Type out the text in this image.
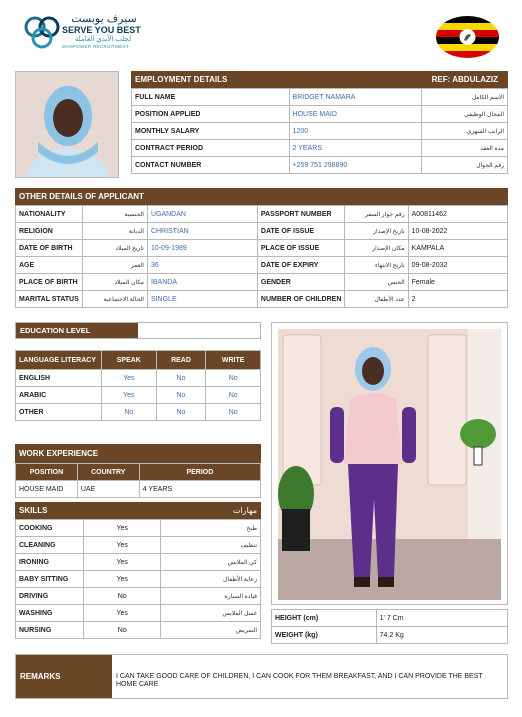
سيرف يوبست
SERVE YOU BEST
لجلب الأيدي العاملة
MANPOWER RECRUITMENT
EMPLOYMENT DETAILS	REF: ABDULAZIZ
FULL NAME	BRIDGET NAMARA	الاسم الكامل
POSITION APPLIED	HOUSE MAID	المجال الوظيفي
MONTHLY SALARY	1200	الراتب الشهري
CONTRACT PERIOD	2 YEARS	مدة العقد
CONTACT NUMBER	+259 751 298890	رقم الجوال
OTHER DETAILS OF APPLICANT
NATIONALITY	الجنسية	UGANDAN	PASSPORT NUMBER	رقم جواز السفر	A00811462
RELIGION	الديانة	CHRISTIAN	DATE OF ISSUE	تاريخ الإصدار	10-08-2022
DATE OF BIRTH	تاريخ الميلاد	10-09-1989	PLACE OF ISSUE	مكان الإصدار	KAMPALA
AGE	العمر	36	DATE OF EXPIRY	تاريخ الانتهاء	09-08-2032
PLACE OF BIRTH	مكان الميلاد	IBANDA	GENDER	الجنس	Female
MARITAL STATUS	الحالة الاجتماعية	SINGLE	NUMBER OF CHILDREN	عدد الأطفال	2
EDUCATION LEVEL
LANGUAGE LITERACY	SPEAK	READ	WRITE
ENGLISH	Yes	No	No
ARABIC	Yes	No	No
OTHER	No	No	No
WORK EXPERIENCE
POSITION	COUNTRY	PERIOD
HOUSE MAID	UAE	4 YEARS
SKILLS	مهارات
COOKING	Yes	طبخ
CLEANING	Yes	تنظيف
IRONING	Yes	كي الملابس
BABY SITTING	Yes	رعاية الأطفال
DRIVING	No	قيادة السيارة
WASHING	Yes	غسل الملابس
NURSING	No	التمريض
HEIGHT (cm)	1' 7 Cm
WEIGHT (kg)	74.2 Kg
REMARKS	I CAN TAKE GOOD CARE OF CHILDREN, I CAN COOK FOR THEM BREAKFAST, AND I CAN PROVIDE THE BEST HOME CARE
